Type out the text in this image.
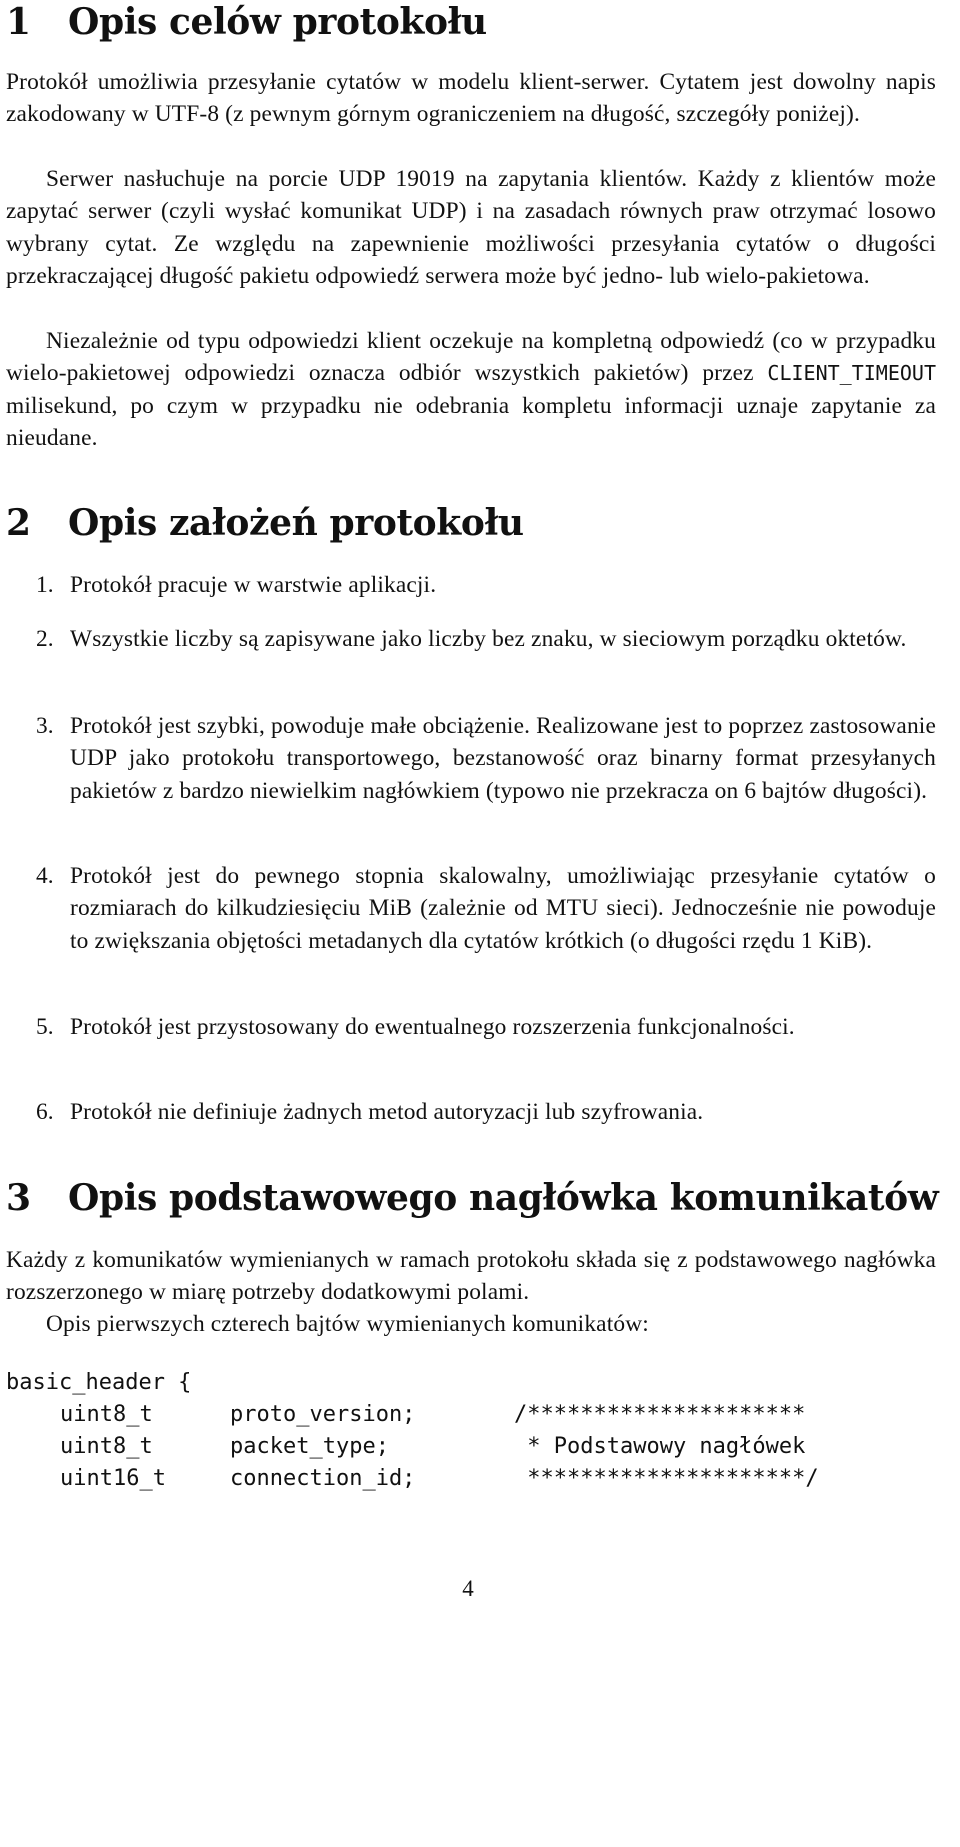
1 Opis celów protokołu

Protokół umożliwia przesyłanie cytatów w modelu klient-serwer. Cytatem jest dowolny napis zakodowany w UTF-8 (z pewnym górnym ograniczeniem na długość, szczegóły poniżej).

Serwer nasłuchuje na porcie UDP 19019 na zapytania klientów. Każdy z klientów może zapytać serwer (czyli wysłać komunikat UDP) i na zasadach równych praw otrzymać losowo wybrany cytat. Ze względu na zapewnienie możliwości przesyłania cytatów o długości przekraczającej długość pakietu odpowiedź serwera może być jedno- lub wielo-pakietowa.

Niezależnie od typu odpowiedzi klient oczekuje na kompletną odpowiedź (co w przypadku wielo-pakietowej odpowiedzi oznacza odbiór wszystkich pakietów) przez CLIENT_TIMEOUT milisekund, po czym w przypadku nie odebrania kompletu informacji uznaje zapytanie za nieudane.

2 Opis założeń protokołu
1. Protokół pracuje w warstwie aplikacji.

2. Wszystkie liczby są zapisywane jako liczby bez znaku, w sieciowym porządku oktetów.

3. Protokół jest szybki, powoduje małe obciążenie. Realizowane jest to poprzez zastosowanie UDP jako protokołu transportowego, bezstanowość oraz binarny format przesyłanych pakietów z bardzo niewielkim nagłówkiem (typowo nie przekracza on 6 bajtów długości).

4. Protokół jest do pewnego stopnia skalowalny, umożliwiając przesyłanie cytatów o rozmiarach do kilkudziesięciu MiB (zależnie od MTU sieci). Jednocześnie nie powoduje to zwiększania objętości metadanych dla cytatów krótkich (o długości rzędu 1 KiB).

5. Protokół jest przystosowany do ewentualnego rozszerzenia funkcjonalności.

6. Protokół nie definiuje żadnych metod autoryzacji lub szyfrowania.

3 Opis podstawowego nagłówka komunikatów

Każdy z komunikatów wymienianych w ramach protokołu składa się z podstawowego nagłówka rozszerzonego w miarę potrzeby dodatkowymi polami.

Opis pierwszych czterech bajtów wymienianych komunikatów:

basic_header {

uint8_t

	proto_version;

	/*********************

uint8_t

	packet_type;

	* Podstawowy nagłówek

uint16_t

	connection_id;

	*********************/

4
